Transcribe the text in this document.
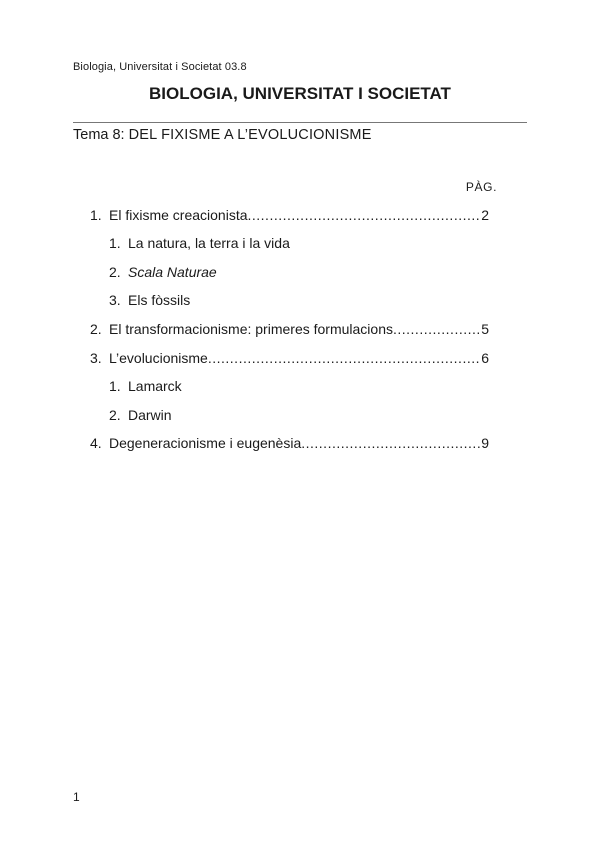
Biologia, Universitat i Societat 03.8
BIOLOGIA, UNIVERSITAT I SOCIETAT
Tema 8: DEL FIXISME A L’EVOLUCIONISME
PÀG.
1. El fixisme creacionista .....	2
1. La natura, la terra i la vida
2. Scala Naturae
3. Els fòssils
2. El transformacionisme: primeres formulacions .....	5
3. L’evolucionisme .....	6
1. Lamarck
2. Darwin
4. Degeneracionisme i eugenèsia .....	9
1
